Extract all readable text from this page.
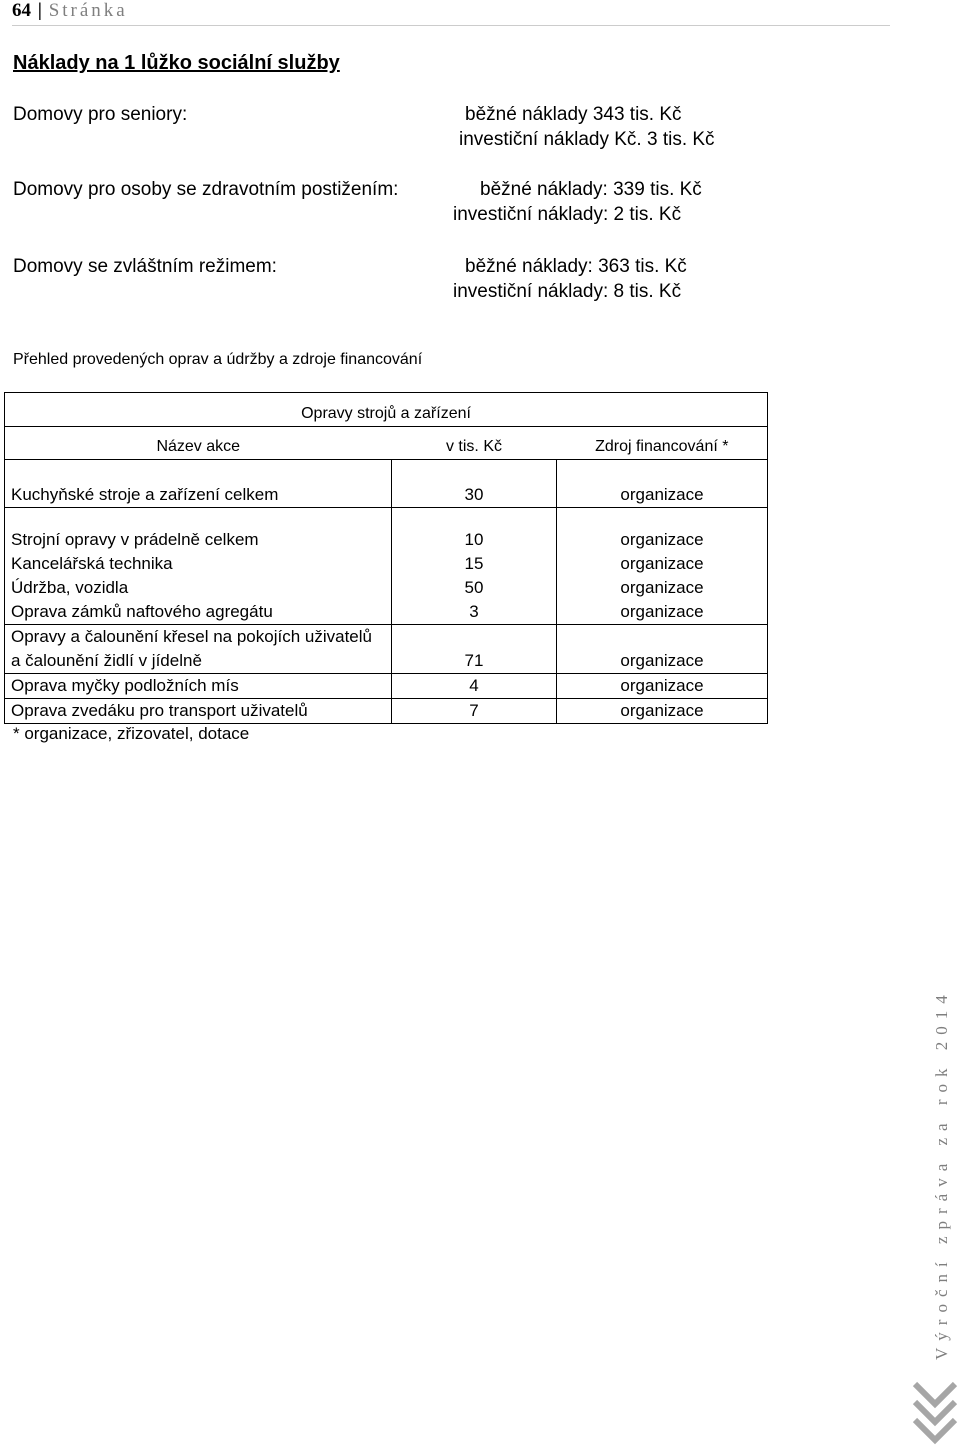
64 | Stránka
Náklady na 1 lůžko sociální služby
Domovy pro seniory:	běžné náklady 343 tis. Kč
investiční náklady Kč. 3 tis. Kč
Domovy pro osoby se zdravotním postižením:	běžné náklady: 339 tis. Kč
investiční náklady: 2 tis. Kč
Domovy se zvláštním režimem:	běžné náklady: 363 tis. Kč
investiční náklady: 8 tis. Kč
Přehled provedených oprav a údržby a zdroje financování
Opravy strojů a zařízení		
Název akce	v tis. Kč	Zdroj financování *
Kuchyňské stroje a zařízení celkem	30	organizace
Strojní opravy v prádelně celkem	10	organizace
Kancelářská technika	15	organizace
Údržba, vozidla	50	organizace
Oprava zámků naftového agregátu	3	organizace
Opravy a čalounění křesel na pokojích uživatelů a čalounění židlí v jídelně	71	organizace
Oprava myčky podložních mís	4	organizace
Oprava zvedáku pro transport uživatelů	7	organizace
* organizace, zřizovatel, dotace
Výroční zpráva za rok 2014
